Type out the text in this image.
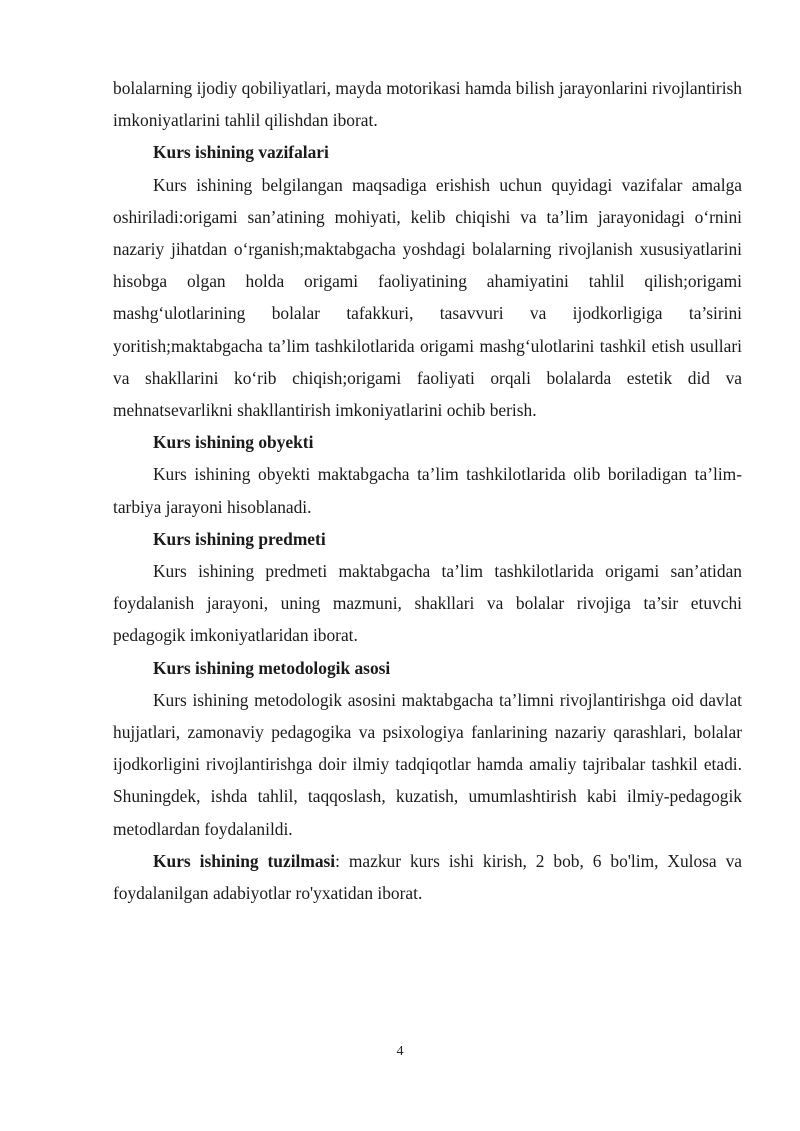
bolalarning ijodiy qobiliyatlari, mayda motorikasi hamda bilish jarayonlarini rivojlantirish imkoniyatlarini tahlil qilishdan iborat.

Kurs ishining vazifalari

Kurs ishining belgilangan maqsadiga erishish uchun quyidagi vazifalar amalga oshiriladi:origami san’atining mohiyati, kelib chiqishi va ta’lim jarayonidagi o‘rnini nazariy jihatdan o‘rganish;maktabgacha yoshdagi bolalarning rivojlanish xususiyatlarini hisobga olgan holda origami faoliyatining ahamiyatini tahlil qilish;origami mashg‘ulotlarining bolalar tafakkuri, tasavvuri va ijodkorligiga ta’sirini yoritish;maktabgacha ta’lim tashkilotlarida origami mashg‘ulotlarini tashkil etish usullari va shakllarini ko‘rib chiqish;origami faoliyati orqali bolalarda estetik did va mehnatsevarlikni shakllantirish imkoniyatlarini ochib berish.

Kurs ishining obyekti

Kurs ishining obyekti maktabgacha ta’lim tashkilotlarida olib boriladigan ta’lim-tarbiya jarayoni hisoblanadi.

Kurs ishining predmeti

Kurs ishining predmeti maktabgacha ta’lim tashkilotlarida origami san’atidan foydalanish jarayoni, uning mazmuni, shakllari va bolalar rivojiga ta’sir etuvchi pedagogik imkoniyatlaridan iborat.

Kurs ishining metodologik asosi

Kurs ishining metodologik asosini maktabgacha ta’limni rivojlantirishga oid davlat hujjatlari, zamonaviy pedagogika va psixologiya fanlarining nazariy qarashlari, bolalar ijodkorligini rivojlantirishga doir ilmiy tadqiqotlar hamda amaliy tajribalar tashkil etadi. Shuningdek, ishda tahlil, taqqoslash, kuzatish, umumlashtirish kabi ilmiy-pedagogik metodlardan foydalanildi.

Kurs ishining tuzilmasi: mazkur kurs ishi kirish, 2 bob, 6 bo'lim, Xulosa va foydalanilgan adabiyotlar ro'yxatidan iborat.

4
